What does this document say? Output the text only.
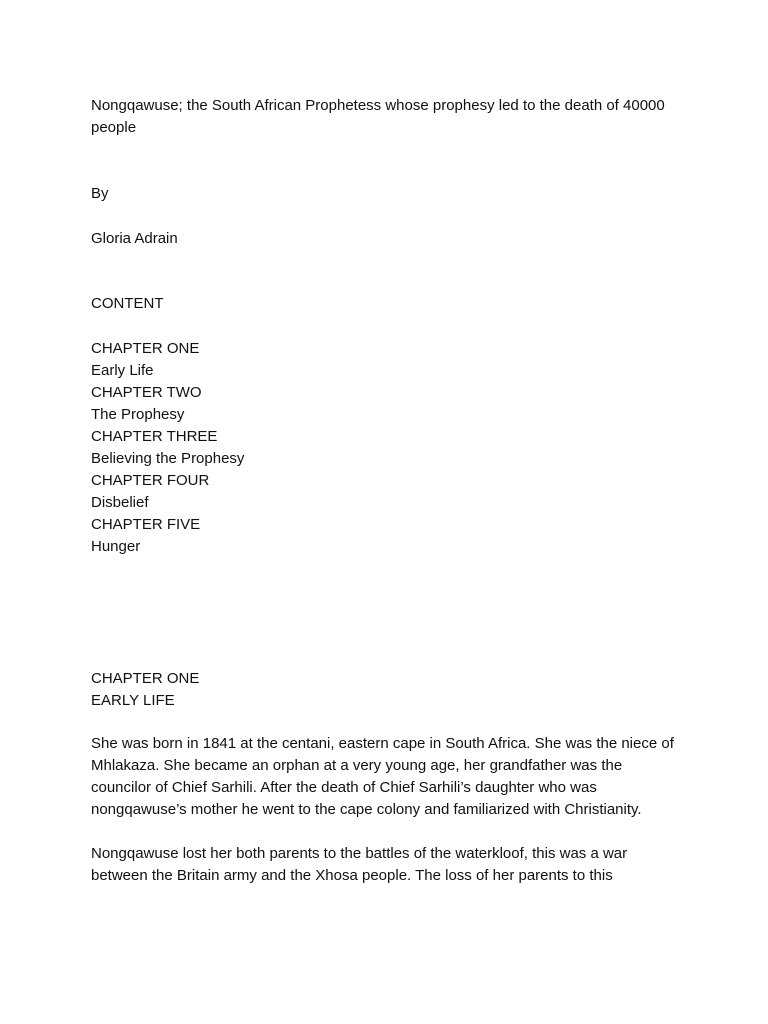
Nongqawuse; the South African Prophetess whose prophesy led to the death of 40000 people
By
Gloria Adrain
CONTENT
CHAPTER ONE
Early Life
CHAPTER TWO
The Prophesy
CHAPTER THREE
Believing the Prophesy
CHAPTER FOUR
Disbelief
CHAPTER FIVE
Hunger
CHAPTER ONE
EARLY LIFE
She was born in 1841 at the centani, eastern cape in South Africa. She was the niece of Mhlakaza. She became an orphan at a very young age, her grandfather was the councilor of Chief Sarhili. After the death of Chief Sarhili’s daughter who was nongqawuse’s mother he went to the cape colony and familiarized with Christianity.
Nongqawuse lost her both parents to the battles of the waterkloof, this was a war between the Britain army and the Xhosa people. The loss of her parents to this
